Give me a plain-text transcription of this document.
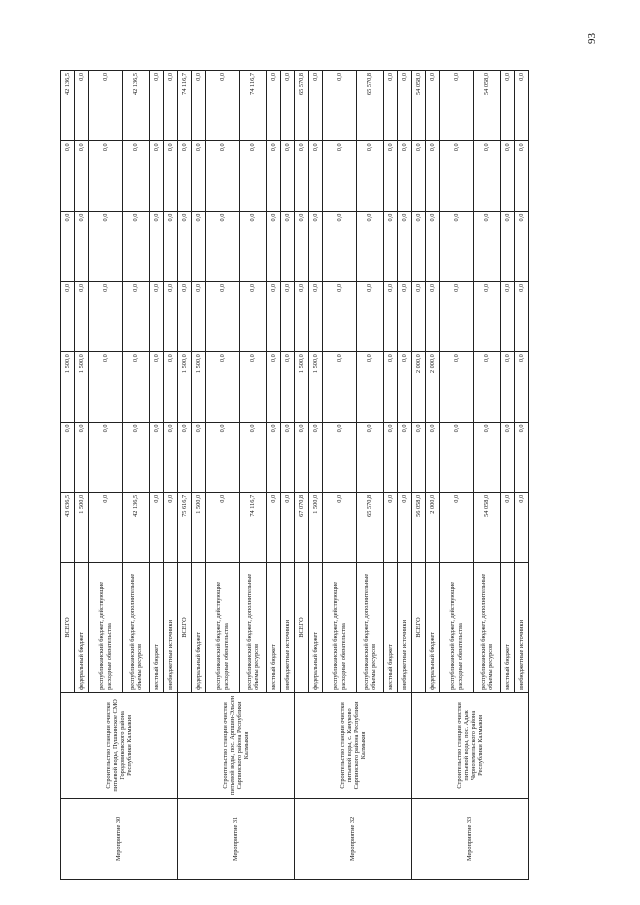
93
Мероприятие 30	Строительство станции очистки питьевой воды, Пушкинское СМО Городовиковского района Республики Калмыкия	ВСЕГО	43 636,5	0,0	1 500,0	0,0	0,0	0,0	42 136,5
		федеральный бюджет	1 500,0	0,0	1 500,0	0,0	0,0	0,0	0,0
		республиканский бюджет, действующие расходные обязательства	0,0	0,0	0,0	0,0	0,0	0,0	0,0
		республиканский бюджет, дополнительные объемы ресурсов	42 136,5	0,0	0,0	0,0	0,0	0,0	42 136,5
		местный бюджет	0,0	0,0	0,0	0,0	0,0	0,0	0,0
		внебюджетные источники	0,0	0,0	0,0	0,0	0,0	0,0	0,0
Мероприятие 31	Строительство станции очистки питьевой воды, пос. Арпшин-Эльсен Сарпинского района Республики Калмыкия	ВСЕГО	75 616,7	0,0	1 500,0	0,0	0,0	0,0	74 116,7
		федеральный бюджет	1 500,0	0,0	1 500,0	0,0	0,0	0,0	0,0
		республиканский бюджет, действующие расходные обязательства	0,0	0,0	0,0	0,0	0,0	0,0	0,0
		республиканский бюджет, дополнительные объемы ресурсов	74 116,7	0,0	0,0	0,0	0,0	0,0	74 116,7
		местный бюджет	0,0	0,0	0,0	0,0	0,0	0,0	0,0
		внебюджетные источники	0,0	0,0	0,0	0,0	0,0	0,0	0,0
Мероприятие 32	Строительство станции очистки питьевой воды, с. Кануково Сарпинского района Республики Калмыкия	ВСЕГО	67 070,8	0,0	1 500,0	0,0	0,0	0,0	65 570,8
		федеральный бюджет	1 500,0	0,0	1 500,0	0,0	0,0	0,0	0,0
		республиканский бюджет, действующие расходные обязательства	0,0	0,0	0,0	0,0	0,0	0,0	0,0
		республиканский бюджет, дополнительные объемы ресурсов	65 570,8	0,0	0,0	0,0	0,0	0,0	65 570,8
		местный бюджет	0,0	0,0	0,0	0,0	0,0	0,0	0,0
		внебюджетные источники	0,0	0,0	0,0	0,0	0,0	0,0	0,0
Мероприятие 33	Строительство станции очистки питьевой воды, пос. Адык Черноземельского района Республики Калмыкия	ВСЕГО	56 058,0	0,0	2 000,0	0,0	0,0	0,0	54 058,0
		федеральный бюджет	2 000,0	0,0	2 000,0	0,0	0,0	0,0	0,0
		республиканский бюджет, действующие расходные обязательства	0,0	0,0	0,0	0,0	0,0	0,0	0,0
		республиканский бюджет, дополнительные объемы ресурсов	54 058,0	0,0	0,0	0,0	0,0	0,0	54 058,0
		местный бюджет	0,0	0,0	0,0	0,0	0,0	0,0	0,0
		внебюджетные источники	0,0	0,0	0,0	0,0	0,0	0,0	0,0
